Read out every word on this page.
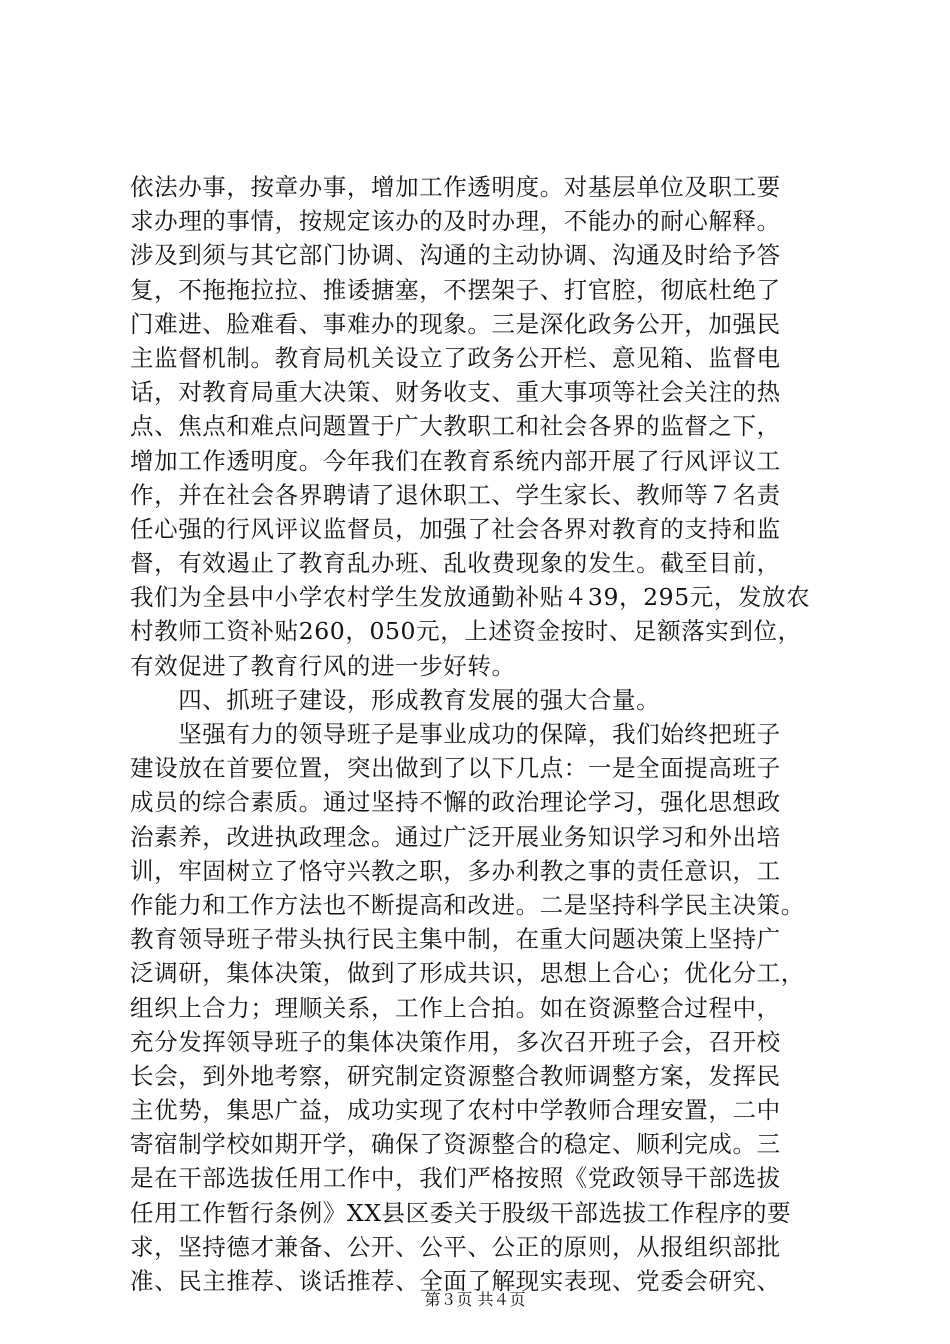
依法办事，按章办事，增加工作透明度。对基层单位及职工要
求办理的事情，按规定该办的及时办理，不能办的耐心解释。
涉及到须与其它部门协调、沟通的主动协调、沟通及时给予答
复，不拖拖拉拉、推诿搪塞，不摆架子、打官腔，彻底杜绝了
门难进、脸难看、事难办的现象。三是深化政务公开，加强民
主监督机制。教育局机关设立了政务公开栏、意见箱、监督电
话，对教育局重大决策、财务收支、重大事项等社会关注的热
点、焦点和难点问题置于广大教职工和社会各界的监督之下，
增加工作透明度。今年我们在教育系统内部开展了行风评议工
作，并在社会各界聘请了退休职工、学生家长、教师等７名责
任心强的行风评议监督员，加强了社会各界对教育的支持和监
督，有效遏止了教育乱办班、乱收费现象的发生。截至目前，
我们为全县中小学农村学生发放通勤补贴４39，295元，发放农
村教师工资补贴260，050元，上述资金按时、足额落实到位，
有效促进了教育行风的进一步好转。
　　四、抓班子建设，形成教育发展的强大合量。
　　坚强有力的领导班子是事业成功的保障，我们始终把班子
建设放在首要位置，突出做到了以下几点：一是全面提高班子
成员的综合素质。通过坚持不懈的政治理论学习，强化思想政
治素养，改进执政理念。通过广泛开展业务知识学习和外出培
训，牢固树立了恪守兴教之职，多办利教之事的责任意识，工
作能力和工作方法也不断提高和改进。二是坚持科学民主决策。
教育领导班子带头执行民主集中制，在重大问题决策上坚持广
泛调研，集体决策，做到了形成共识，思想上合心；优化分工，
组织上合力；理顺关系，工作上合拍。如在资源整合过程中，
充分发挥领导班子的集体决策作用，多次召开班子会，召开校
长会，到外地考察，研究制定资源整合教师调整方案，发挥民
主优势，集思广益，成功实现了农村中学教师合理安置，二中
寄宿制学校如期开学，确保了资源整合的稳定、顺利完成。三
是在干部选拔任用工作中，我们严格按照《党政领导干部选拔
任用工作暂行条例》XX县区委关于股级干部选拔工作程序的要
求，坚持德才兼备、公开、公平、公正的原则，从报组织部批
准、民主推荐、谈话推荐、全面了解现实表现、党委会研究、
第３页 共４页
